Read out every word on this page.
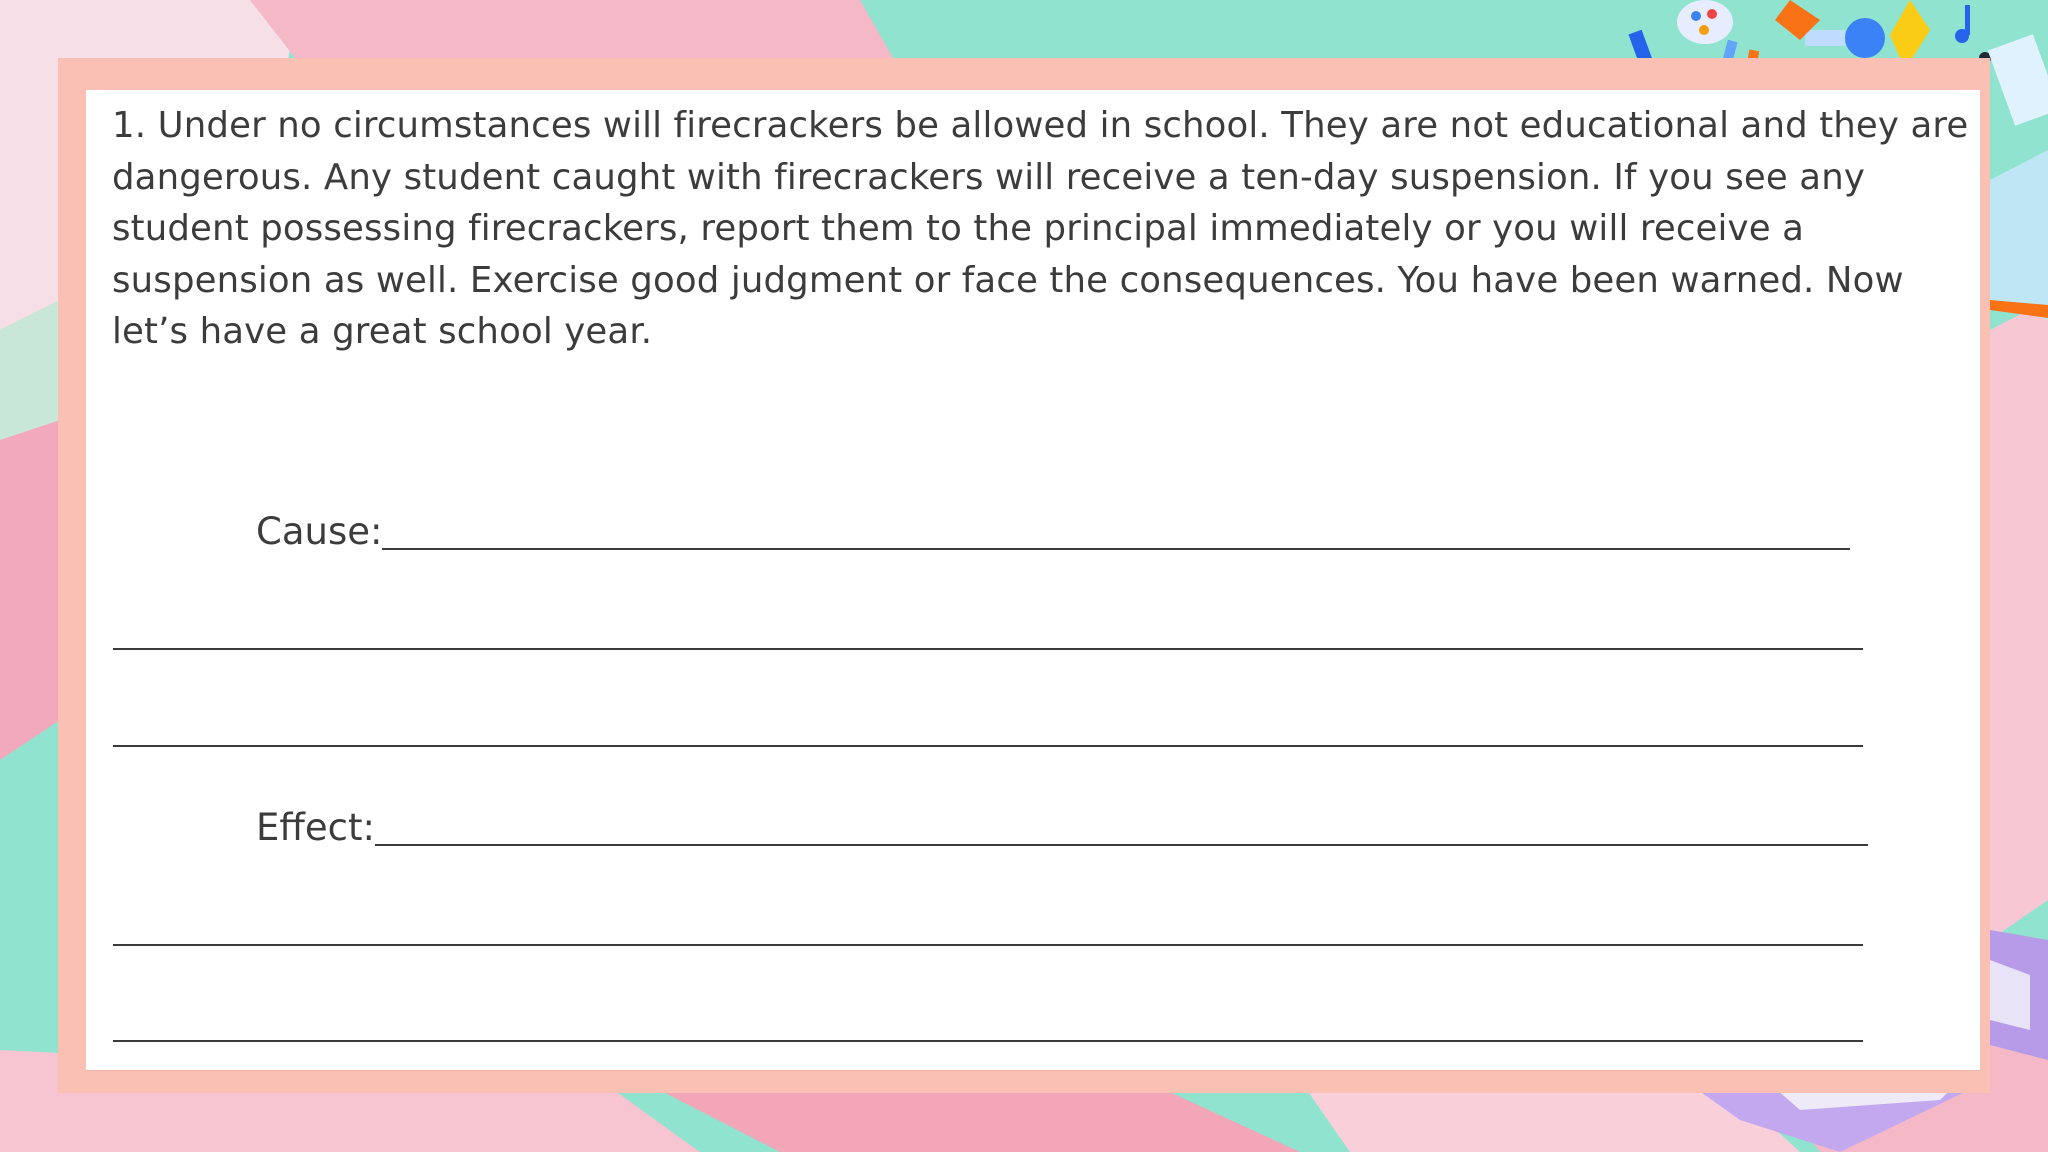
1. Under no circumstances will firecrackers be allowed in school. They are not educational and they are dangerous. Any student caught with firecrackers will receive a ten-day suspension. If you see any student possessing firecrackers, report them to the principal immediately or you will receive a suspension as well. Exercise good judgment or face the consequences. You have been warned. Now let’s have a great school year.

Cause:
Effect:
